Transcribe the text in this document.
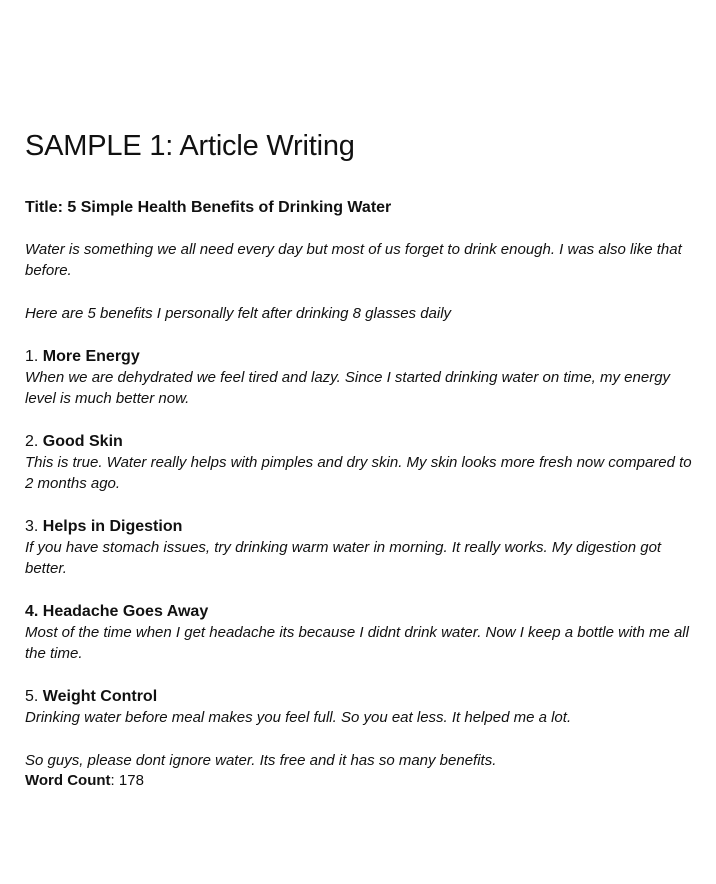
SAMPLE 1: Article Writing
Title: 5 Simple Health Benefits of Drinking Water

Water is something we all need every day but most of us forget to drink enough. I was also like that before.

Here are 5 benefits I personally felt after drinking 8 glasses daily

1. More Energy

When we are dehydrated we feel tired and lazy. Since I started drinking water on time, my energy level is much better now.

2. Good Skin

This is true. Water really helps with pimples and dry skin. My skin looks more fresh now compared to 2 months ago.

3. Helps in Digestion

If you have stomach issues, try drinking warm water in morning. It really works. My digestion got better.

4. Headache Goes Away

Most of the time when I get headache its because I didnt drink water. Now I keep a bottle with me all the time.

5. Weight Control

Drinking water before meal makes you feel full. So you eat less. It helped me a lot.

So guys, please dont ignore water. Its free and it has so many benefits.

Word Count: 178
